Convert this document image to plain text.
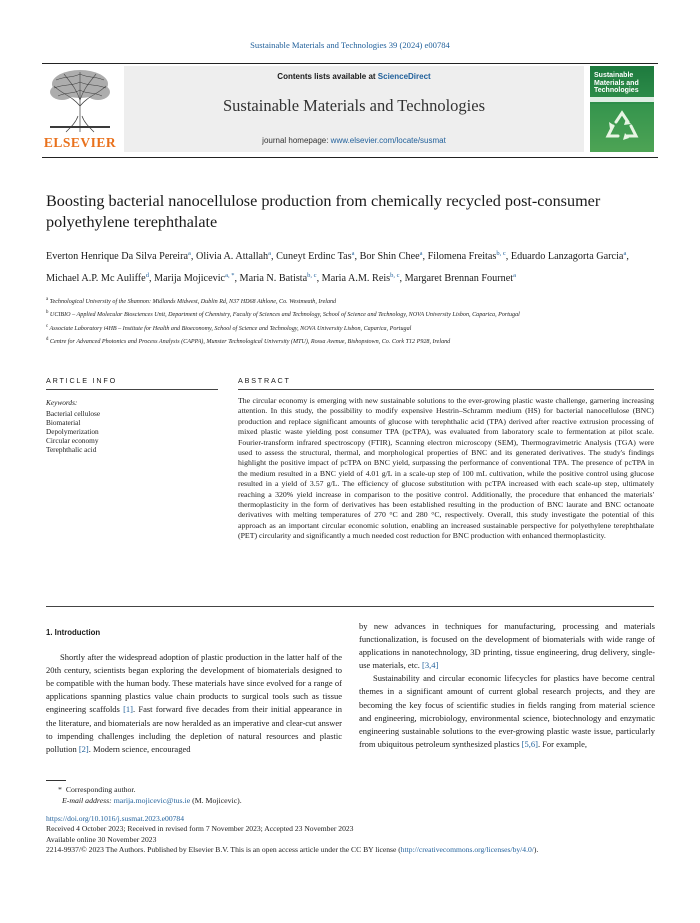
Sustainable Materials and Technologies 39 (2024) e00784
ELSEVIER
Contents lists available at ScienceDirect
Sustainable Materials and Technologies
journal homepage: www.elsevier.com/locate/susmat
Sustainable Materials and Technologies
Boosting bacterial nanocellulose production from chemically recycled post-consumer polyethylene terephthalate
Everton Henrique Da Silva Pereira$^a$, Olivia A. Attallah$^a$, Cuneyt Erdinc Tas$^a$, Bor Shin Chee$^a$, Filomena Freitas$^{b, c}$, Eduardo Lanzagorta Garcia$^a$, Michael A.P. Mc Auliffe$^d$, Marija Mojicevic$^{a, *}$, Maria N. Batista$^{b, c}$, Maria A.M. Reis$^{b, c}$, Margaret Brennan Fournet$^a$
$^a$ Technological University of the Shannon: Midlands Midwest, Dublin Rd, N37 HD68 Athlone, Co. Westmeath, Ireland
$^b$ UCIBIO – Applied Molecular Biosciences Unit, Department of Chemistry, Faculty of Sciences and Technology, School of Science and Technology, NOVA University Lisbon, Caparica, Portugal
$^c$ Associate Laboratory i4HB – Institute for Health and Bioeconomy, School of Science and Technology, NOVA University Lisbon, Caparica, Portugal
$^d$ Centre for Advanced Photonics and Process Analysis (CAPPA), Munster Technological University (MTU), Rossa Avenue, Bishopstown, Co. Cork T12 P928, Ireland
ARTICLE INFO	ABSTRACT
Keywords:
Bacterial cellulose
Biomaterial
Depolymerization
Circular economy
Terephthalic acid
The circular economy is emerging with new sustainable solutions to the ever-growing plastic waste challenge, garnering increasing attention. In this study, the possibility to modify expensive Hestrin–Schramm medium (HS) for bacterial nanocellulose (BNC) production and replace significant amounts of glucose with terephthalic acid (TPA) derived after reactive extrusion processing of mixed plastic waste yielding post consumer TPA (pcTPA), was evaluated from laboratory scale to fermentation at pilot scale. Fourier-transform infrared spectroscopy (FTIR), Scanning electron microscopy (SEM), Thermogravimetric Analysis (TGA) were used to assess the structural, thermal, and morphological properties of BNC and its generated derivatives. The study's findings highlight the positive impact of pcTPA on BNC yield, surpassing the performance of conventional TPA. The presence of pcTPA in the medium resulted in a BNC yield of 4.01 g/L in a scale-up step of 100 mL cultivation, while the positive control using glucose resulted in a yield of 3.57 g/L. The efficiency of glucose substitution with pcTPA increased with each scale-up step, ultimately reaching a 320% yield increase in comparison to the positive control. Additionally, the procedure that enhanced the materials' thermoplasticity in the form of derivatives has been established resulting in the production of BNC laurate and BNC octanoate derivatives with melting temperatures of 270 °C and 280 °C, respectively. Overall, this study investigate the potential of this approach as an important circular economic solution, enabling an increased sustainable perspective for polyethylene terephthalate (PET) circularity and significantly a much needed cost reduction for BNC production with enhanced thermoplasticity.
1. Introduction

Shortly after the widespread adoption of plastic production in the latter half of the 20th century, scientists began exploring the development of biomaterials designed to be compatible with the human body. These materials have since evolved for a range of applications spanning plastics value chain products to surgical tools such as tissue engineering scaffolds [1]. Fast forward five decades from their initial appearance in the literature, and biomaterials are now heralded as an imperative and clear-cut answer to impending challenges including the depletion of natural resources and plastic pollution [2]. Modern science, encouraged

by new advances in techniques for manufacturing, processing and materials functionalization, is focused on the development of biomaterials with wide range of applications in nanotechnology, 3D printing, tissue engineering, drug delivery, single-use materials, etc. [3,4]

Sustainability and circular economic lifecycles for plastics have become central themes in a significant amount of current global research projects, and they are becoming the key focus of scientific studies in fields ranging from material science and engineering, microbiology, environmental science, biotechnology and enzymatic engineering sustainable solutions to the ever-growing plastic waste issue, particularly from ubiquitous petroleum synthesized plastics [5,6]. For example,

* Corresponding author.
E-mail address: marija.mojicevic@tus.ie (M. Mojicevic).
https://doi.org/10.1016/j.susmat.2023.e00784
Received 4 October 2023; Received in revised form 7 November 2023; Accepted 23 November 2023
Available online 30 November 2023
2214-9937/© 2023 The Authors. Published by Elsevier B.V. This is an open access article under the CC BY license (http://creativecommons.org/licenses/by/4.0/).
